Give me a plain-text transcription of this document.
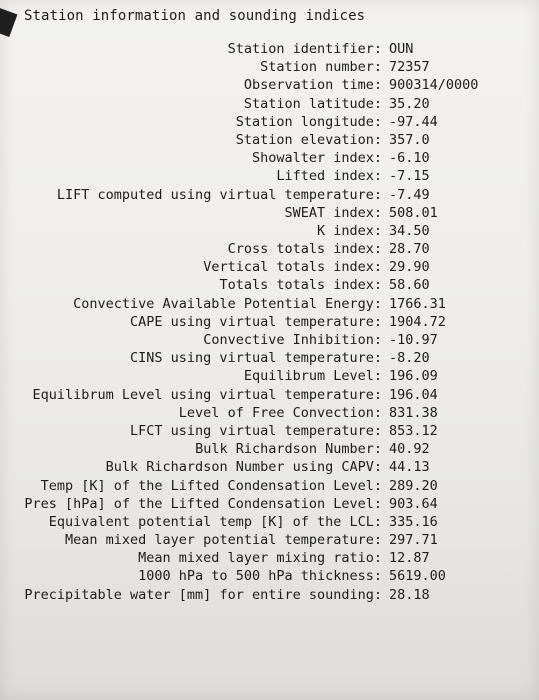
Station information and sounding indices
Station identifier: OUN
Station number: 72357
Observation time: 900314/0000
Station latitude: 35.20
Station longitude: -97.44
Station elevation: 357.0
Showalter index: -6.10
Lifted index: -7.15
LIFT computed using virtual temperature: -7.49
SWEAT index: 508.01
K index: 34.50
Cross totals index: 28.70
Vertical totals index: 29.90
Totals totals index: 58.60
Convective Available Potential Energy: 1766.31
CAPE using virtual temperature: 1904.72
Convective Inhibition: -10.97
CINS using virtual temperature: -8.20
Equilibrum Level: 196.09
Equilibrum Level using virtual temperature: 196.04
Level of Free Convection: 831.38
LFCT using virtual temperature: 853.12
Bulk Richardson Number: 40.92
Bulk Richardson Number using CAPV: 44.13
Temp [K] of the Lifted Condensation Level: 289.20
Pres [hPa] of the Lifted Condensation Level: 903.64
Equivalent potential temp [K] of the LCL: 335.16
Mean mixed layer potential temperature: 297.71
Mean mixed layer mixing ratio: 12.87
1000 hPa to 500 hPa thickness: 5619.00
Precipitable water [mm] for entire sounding: 28.18
